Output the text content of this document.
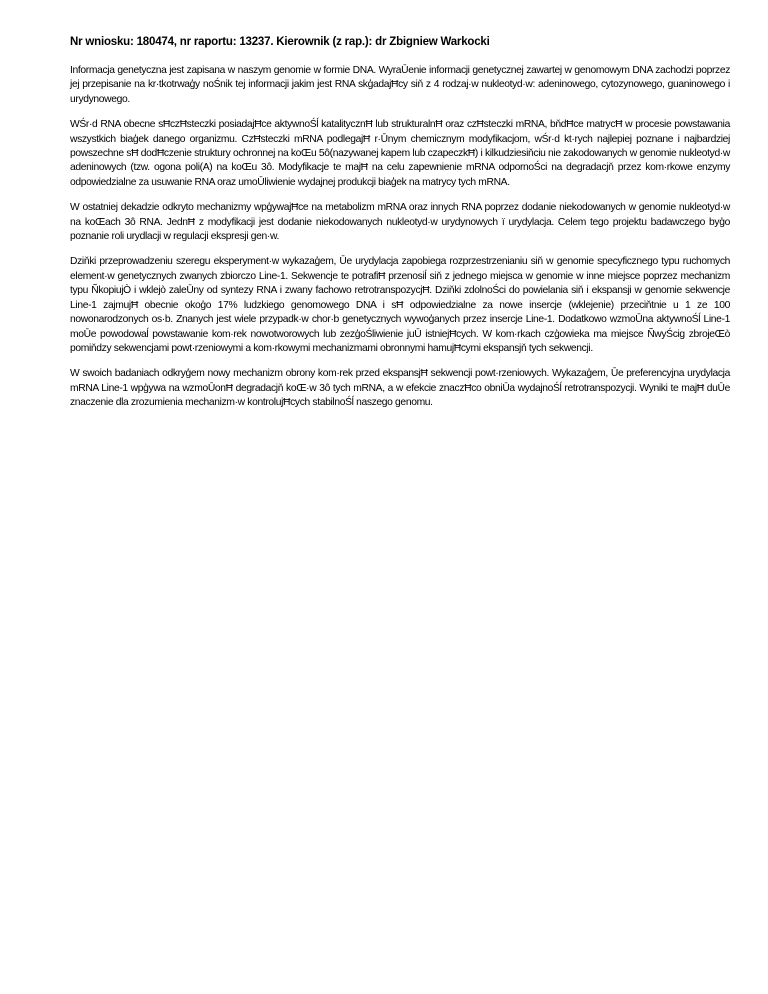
Nr wniosku: 180474, nr raportu: 13237. Kierownik (z rap.): dr Zbigniew Warkocki

Informacja genetyczna jest zapisana w naszym genomie w formie DNA. WyraŪenie informacji genetycznej zawartej w genomowym DNA zachodzi poprzez jej przepisanie na kr·tkotrwaģy noŚnik tej informacji jakim jest RNA skģadajĦcy siň z 4 rodzaj·w nukleotyd·w: adeninowego, cytozynowego, guaninowego i urydynowego.

WŚr·d RNA obecne sĦczĦsteczki posiadajĦce aktywnoŚĺ katalitycznĦ lub strukturalnĦ oraz czĦsteczki mRNA, bňdĦce matrycĦ w procesie powstawania wszystkich biaģek danego organizmu. CzĦsteczki mRNA podlegajĦ r·Ūnym chemicznym modyfikacjom, wŚr·d kt·rych najlepiej poznane i najbardziej powszechne sĦ dodĦczenie struktury ochronnej na koŒu 5ô(nazywanej kapem lub czapeczkĦ) i kilkudziesiňciu nie zakodowanych w genomie nukleotyd·w adeninowych (tzw. ogona poli(A) na koŒu 3ô. Modyfikacje te majĦ na celu zapewnienie mRNA odpornoŚci na degradacjň przez kom·rkowe enzymy odpowiedzialne za usuwanie RNA oraz umoŪliwienie wydajnej produkcji biaģek na matrycy tych mRNA.

W ostatniej dekadzie odkryto mechanizmy wpģywajĦce na metabolizm mRNA oraz innych RNA poprzez dodanie niekodowanych w genomie nukleotyd·w na koŒach 3ô RNA. JednĦ z modyfikacji jest dodanie niekodowanych nukleotyd·w urydynowych ï urydylacja. Celem tego projektu badawczego byģo poznanie roli urydlacji w regulacji ekspresji gen·w.

Dziňki przeprowadzeniu szeregu eksperyment·w wykazaģem, Ūe urydylacja zapobiega rozprzestrzenianiu siň w genomie specyficznego typu ruchomych element·w genetycznych zwanych zbiorczo Line-1. Sekwencje te potrafiĦ przenosiĺ siň z jednego miejsca w genomie w inne miejsce poprzez mechanizm typu ÑkopiujÒ i wklejò zaleŪny od syntezy RNA i zwany fachowo retrotranspozycjĦ. Dziňki zdolnoŚci do powielania siň i ekspansji w genomie sekwencje Line-1 zajmujĦ obecnie okoģo 17% ludzkiego genomowego DNA i sĦ odpowiedzialne za nowe insercje (wklejenie) przeciňtnie u 1 ze 100 nowonarodzonych os·b. Znanych jest wiele przypadk·w chor·b genetycznych wywoģanych przez insercje Line-1. Dodatkowo wzmoŪna aktywnoŚĺ Line-1 moŪe powodowaĺ powstawanie kom·rek nowotworowych lub zezģoŚliwienie juŪ istniejĦcych. W kom·rkach czģowieka ma miejsce ÑwyŚcig zbrojeŒò pomiňdzy sekwencjami powt·rzeniowymi a kom·rkowymi mechanizmami obronnymi hamujĦcymi ekspansjň tych sekwencji.

W swoich badaniach odkryģem nowy mechanizm obrony kom·rek przed ekspansjĦ sekwencji powt·rzeniowych. Wykazaģem, Ūe preferencyjna urydylacja mRNA Line-1 wpģywa na wzmoŪonĦ degradacjň koŒ·w 3ô tych mRNA, a w efekcie znaczĦco obniŪa wydajnoŚĺ retrotranspozycji. Wyniki te majĦ duŪe znaczenie dla zrozumienia mechanizm·w kontrolujĦcych stabilnoŚĺ naszego genomu.
